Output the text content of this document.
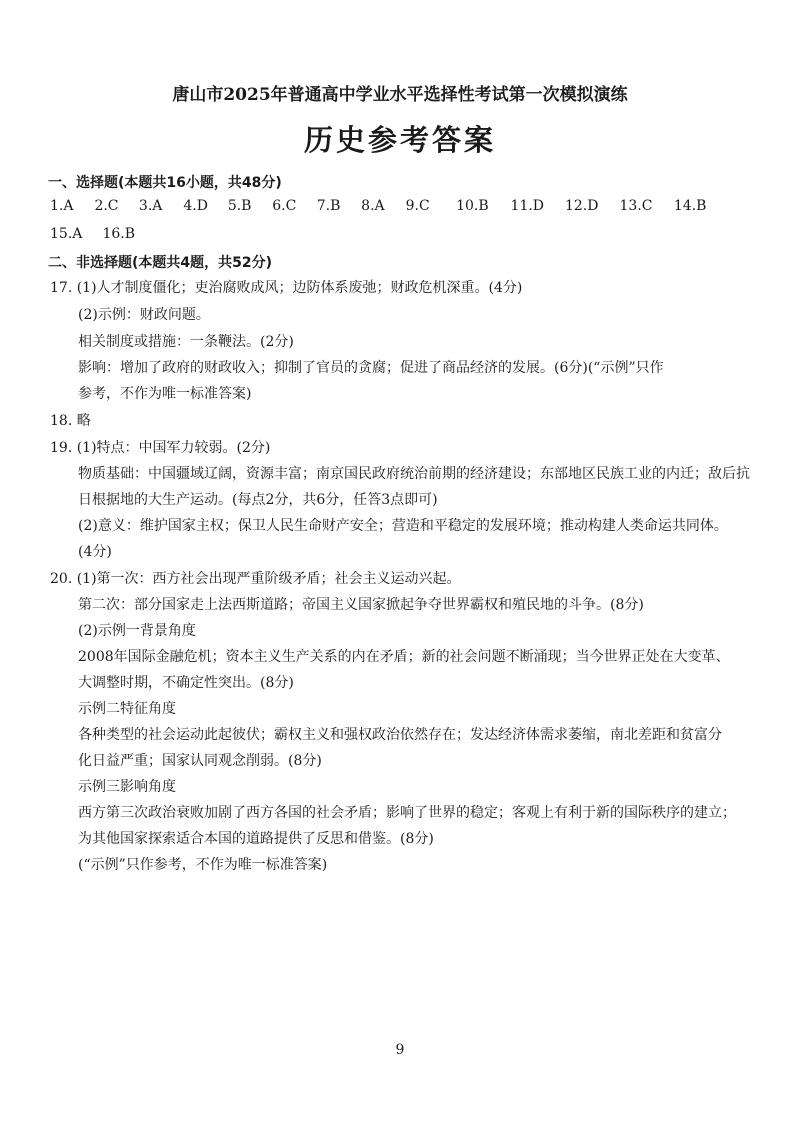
唐山市2025年普通高中学业水平选择性考试第一次模拟演练
历史参考答案
一、选择题(本题共16小题，共48分)
1.A 2.C 3.A 4.D 5.B 6.C 7.B 8.A 9.C 10.B 11.D 12.D 13.C 14.B
15.A 16.B
二、非选择题(本题共4题，共52分)
17. (1)人才制度僵化；吏治腐败成风；边防体系废弛；财政危机深重。(4分)
(2)示例：财政问题。
相关制度或措施：一条鞭法。(2分)
影响：增加了政府的财政收入；抑制了官员的贪腐；促进了商品经济的发展。(6分)(“示例”只作
参考，不作为唯一标准答案)
18. 略
19. (1)特点：中国军力较弱。(2分)
物质基础：中国疆域辽阔，资源丰富；南京国民政府统治前期的经济建设；东部地区民族工业的内迁；敌后抗
日根据地的大生产运动。(每点2分，共6分，任答3点即可)
(2)意义：维护国家主权；保卫人民生命财产安全；营造和平稳定的发展环境；推动构建人类命运共同体。
(4分)
20. (1)第一次：西方社会出现严重阶级矛盾；社会主义运动兴起。
第二次：部分国家走上法西斯道路；帝国主义国家掀起争夺世界霸权和殖民地的斗争。(8分)
(2)示例一背景角度
2008年国际金融危机；资本主义生产关系的内在矛盾；新的社会问题不断涌现；当今世界正处在大变革、
大调整时期，不确定性突出。(8分)
示例二特征角度
各种类型的社会运动此起彼伏；霸权主义和强权政治依然存在；发达经济体需求萎缩，南北差距和贫富分
化日益严重；国家认同观念削弱。(8分)
示例三影响角度
西方第三次政治衰败加剧了西方各国的社会矛盾；影响了世界的稳定；客观上有利于新的国际秩序的建立；
为其他国家探索适合本国的道路提供了反思和借鉴。(8分)
(“示例”只作参考，不作为唯一标准答案)
9
